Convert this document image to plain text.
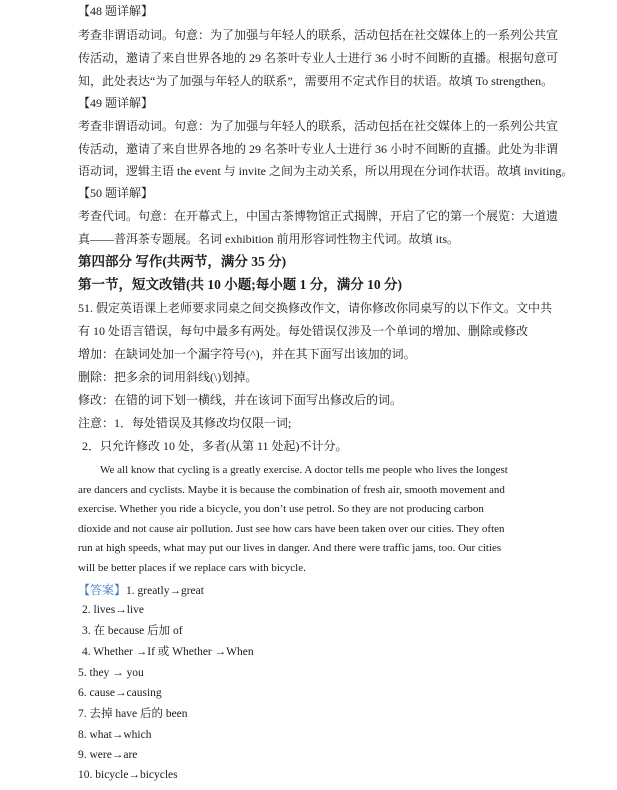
【48 题详解】
考查非谓语动词。句意：为了加强与年轻人的联系，活动包括在社交媒体上的一系列公共宣
传活动，邀请了来自世界各地的 29 名茶叶专业人士进行 36 小时不间断的直播。根据句意可
知，此处表达“为了加强与年轻人的联系”，需要用不定式作目的状语。故填 To strengthen。
【49 题详解】
考查非谓语动词。句意：为了加强与年轻人的联系，活动包括在社交媒体上的一系列公共宣
传活动，邀请了来自世界各地的 29 名茶叶专业人士进行 36 小时不间断的直播。此处为非谓
语动词，逻辑主语 the event 与 invite 之间为主动关系，所以用现在分词作状语。故填 inviting。
【50 题详解】
考查代词。句意：在开幕式上，中国古茶博物馆正式揭牌，开启了它的第一个展览：大道遗
真——普洱茶专题展。名词 exhibition 前用形容词性物主代词。故填 its。
第四部分 写作(共两节，满分 35 分)
第一节，短文改错(共 10 小题;每小题 1 分，满分 10 分)
51. 假定英语课上老师要求同桌之间交换修改作文，请你修改你同桌写的以下作文。文中共
有 10 处语言错误，每句中最多有两处。每处错误仅涉及一个单词的增加、删除或修改
增加：在缺词处加一个漏字符号(^)，并在其下面写出该加的词。
删除：把多余的词用斜线(\)划掉。
修改：在错的词下划一横线，并在该词下面写出修改后的词。
注意：1．每处错误及其修改均仅限一词;
2．只允许修改 10 处，多者(从第 11 处起)不计分。
We all know that cycling is a greatly exercise. A doctor tells me people who lives the longest
are dancers and cyclists. Maybe it is because the combination of fresh air, smooth movement and
exercise. Whether you ride a bicycle, you don’t use petrol. So they are not producing carbon
dioxide and not cause air pollution. Just see how cars have been taken over our cities. They often
run at high speeds, what may put our lives in danger. And there were traffic jams, too. Our cities
will be better places if we replace cars with bicycle.
【答案】1. greatly→great
2. lives→live
3. 在 because 后加 of
4. Whether →If 或 Whether →When
5. they → you
6. cause→causing
7. 去掉 have 后的 been
8. what→which
9. were→are
10. bicycle→bicycles
